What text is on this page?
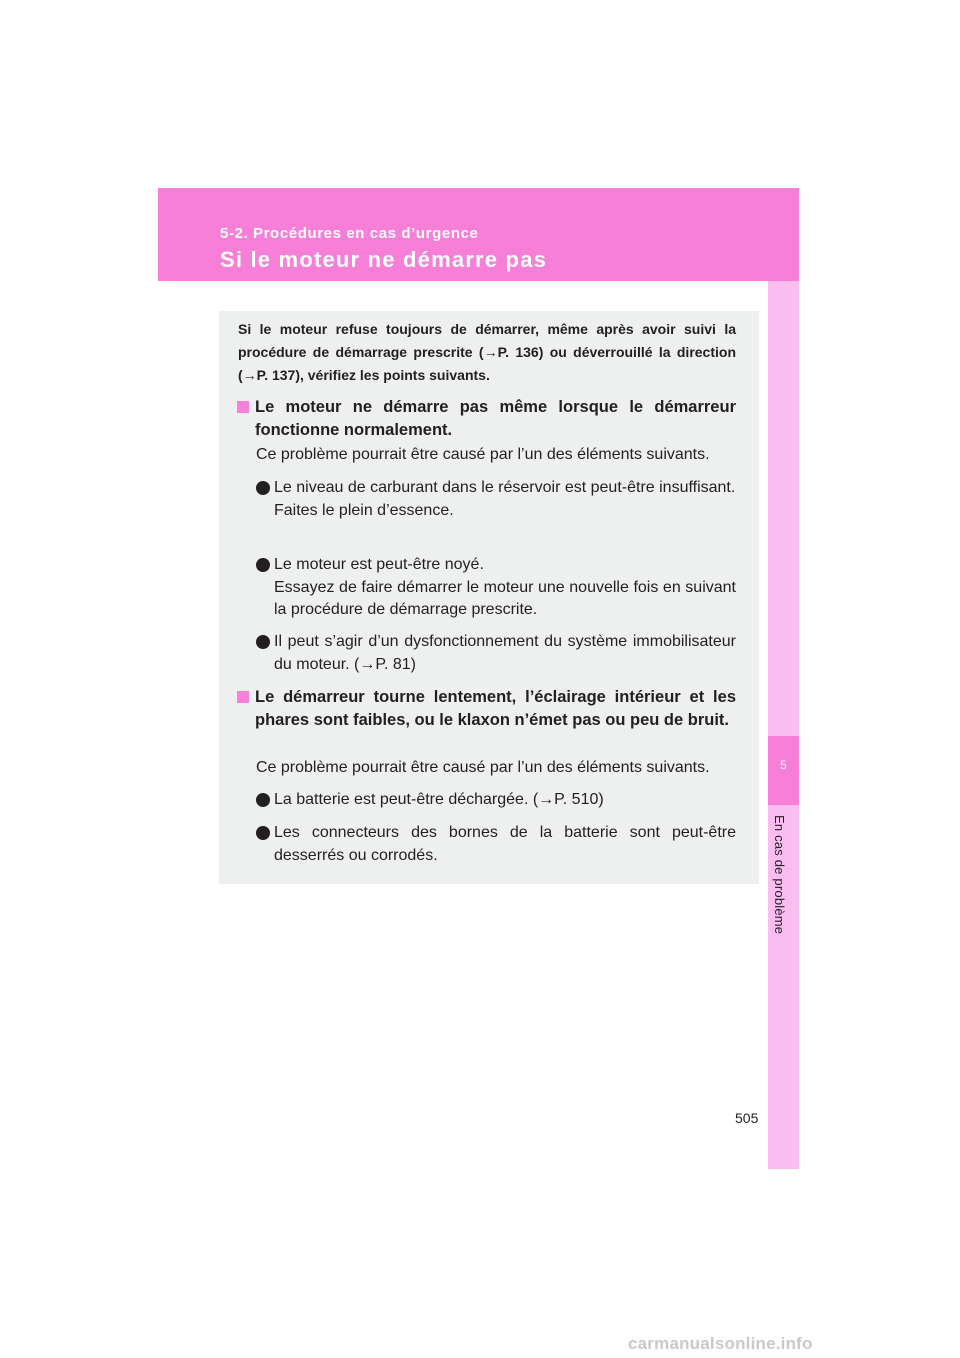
5-2. Procédures en cas d’urgence
Si le moteur ne démarre pas
5
En cas de problème
Si le moteur refuse toujours de démarrer, même après avoir suivi la procédure de démarrage prescrite (→P. 136) ou déverrouillé la direction (→P. 137), vérifiez les points suivants.
Le moteur ne démarre pas même lorsque le démarreur fonctionne normalement.
Ce problème pourrait être causé par l’un des éléments suivants.
Le niveau de carburant dans le réservoir est peut-être insuffisant.
Faites le plein d’essence.
Le moteur est peut-être noyé.
Essayez de faire démarrer le moteur une nouvelle fois en suivant la procédure de démarrage prescrite.
Il peut s’agir d’un dysfonctionnement du système immobilisateur du moteur. (→P. 81)
Le démarreur tourne lentement, l’éclairage intérieur et les phares sont faibles, ou le klaxon n’émet pas ou peu de bruit.
Ce problème pourrait être causé par l’un des éléments suivants.
La batterie est peut-être déchargée. (→P. 510)
Les connecteurs des bornes de la batterie sont peut-être desserrés ou corrodés.
505
carmanualsonline.info
